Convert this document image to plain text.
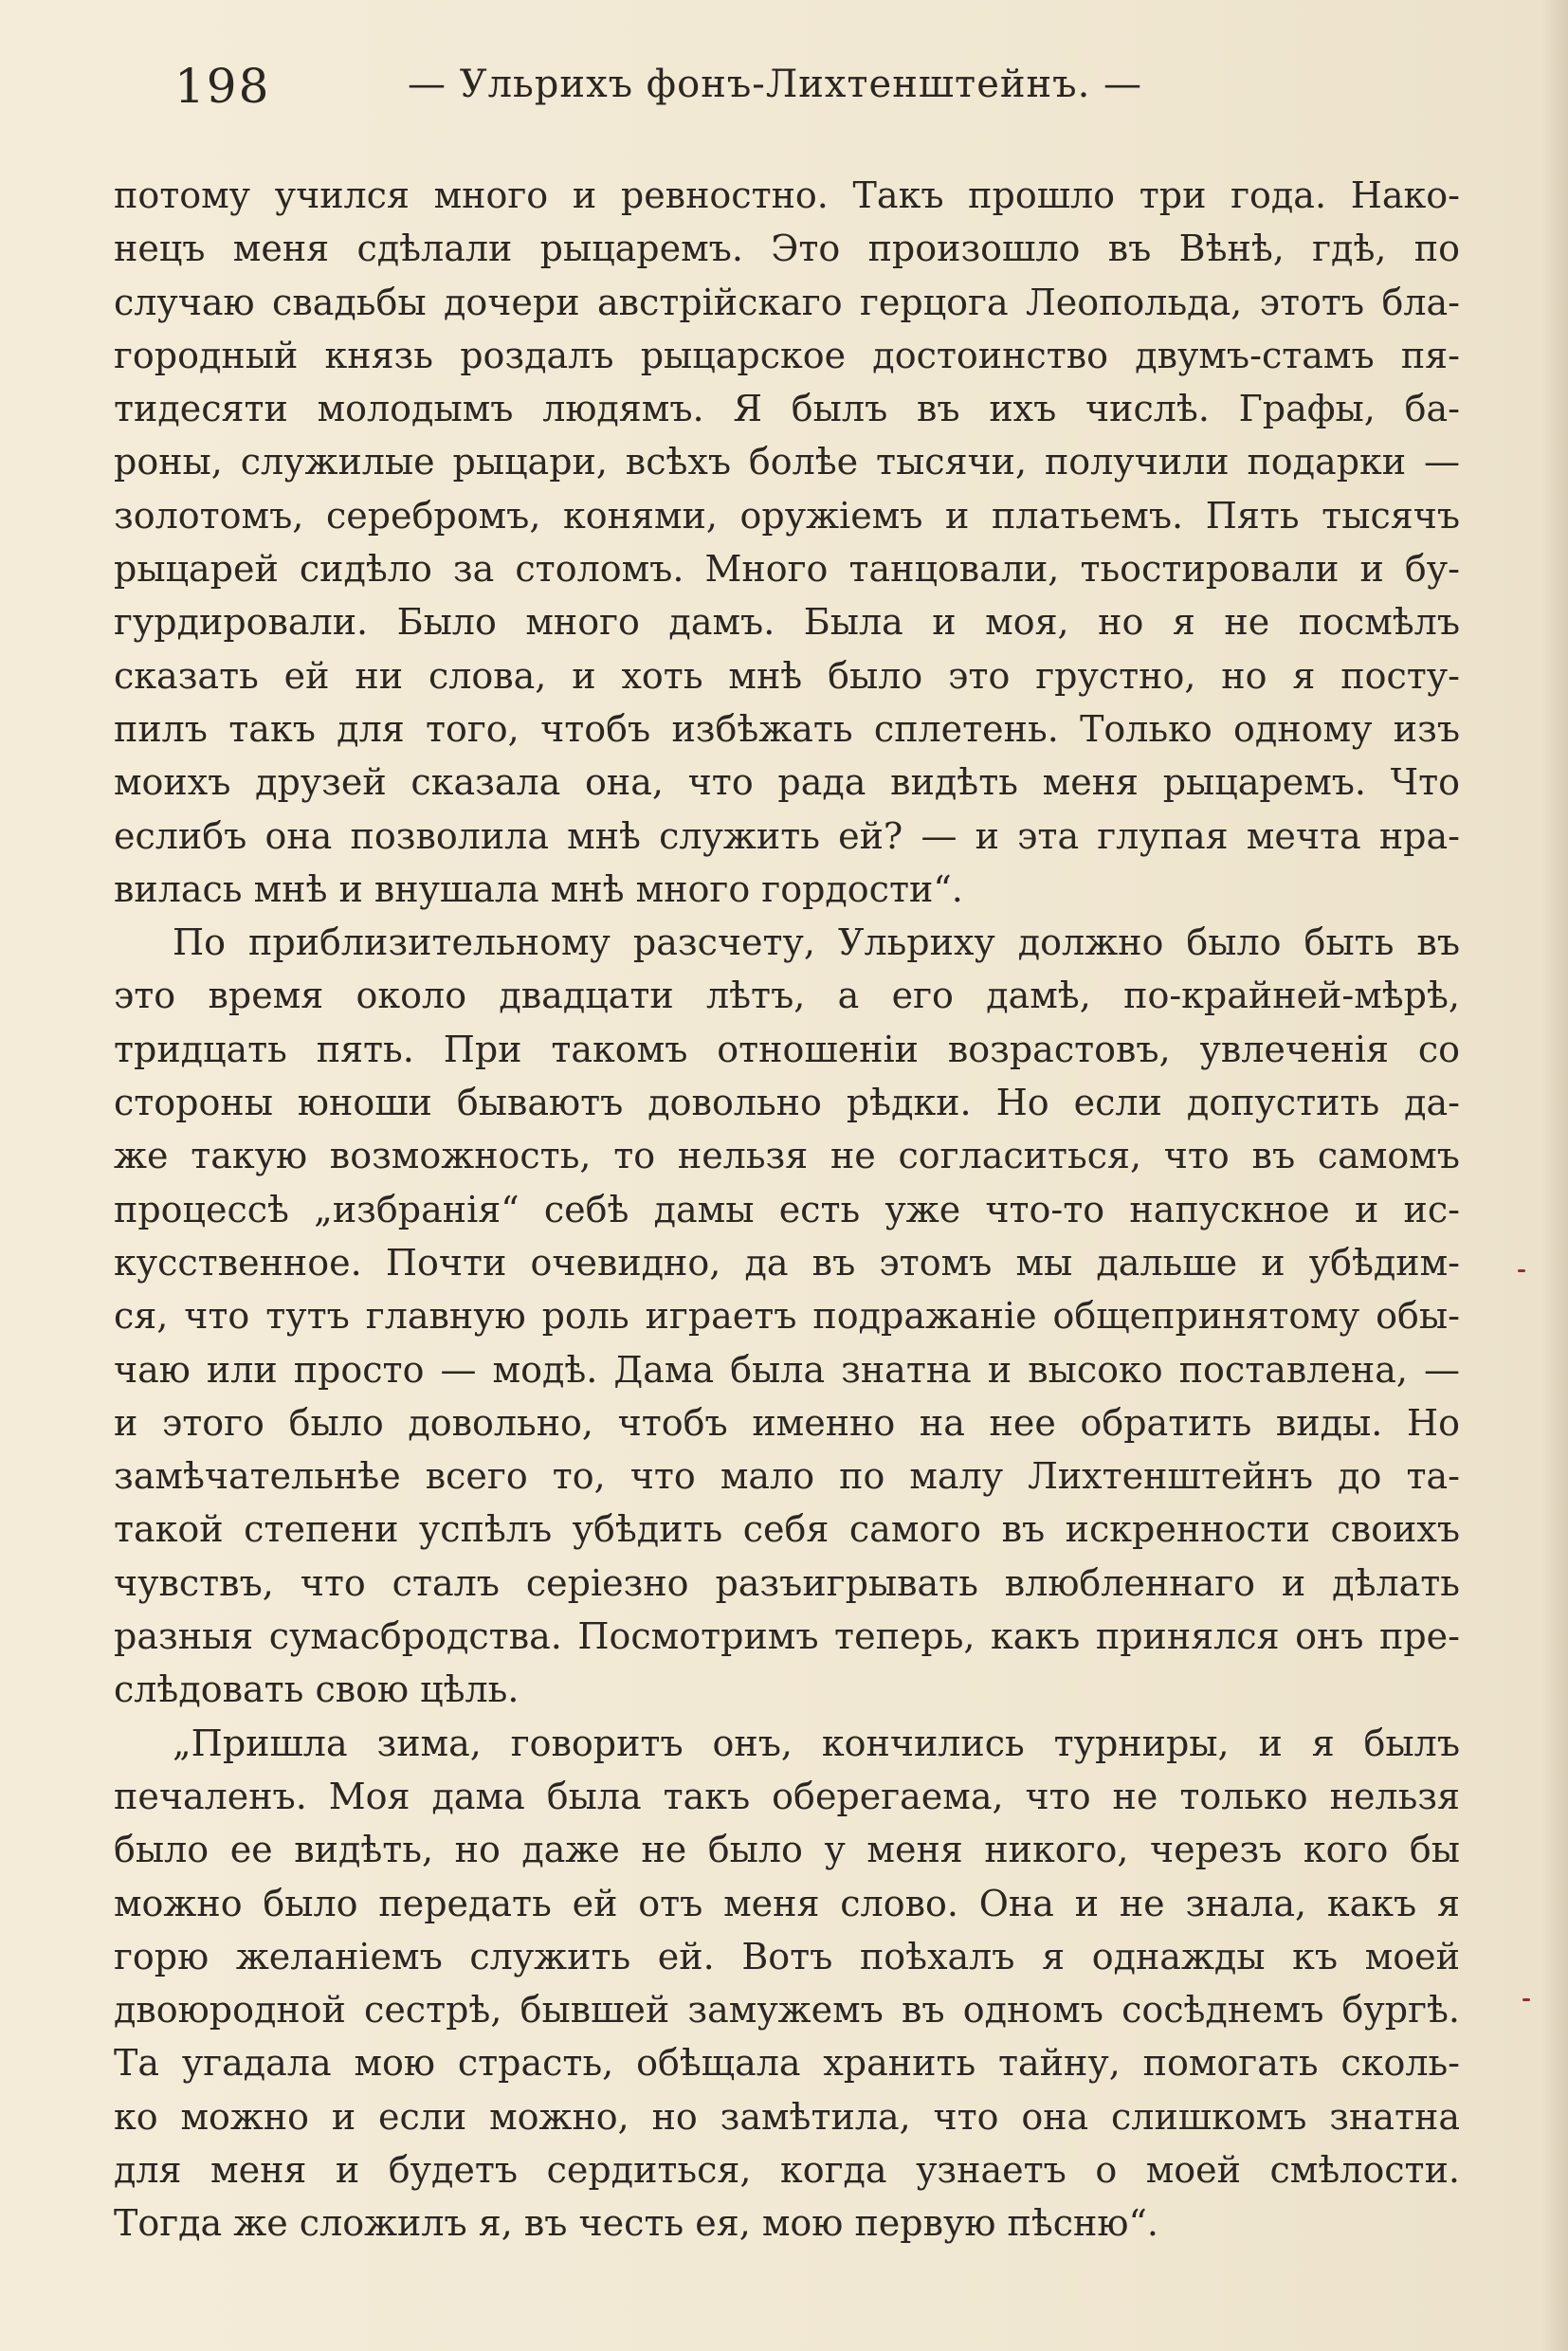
198	— Ульрихъ фонъ-Лихтенштейнъ. —
потому учился много и ревностно. Такъ прошло три года. Нако-
нецъ меня сдѣлали рыцаремъ. Это произошло въ Вѣнѣ, гдѣ, по
случаю свадьбы дочери австрiйскаго герцога Леопольда, этотъ бла-
городный князь роздалъ рыцарское достоинство двумъ-стамъ пя-
тидесяти молодымъ людямъ. Я былъ въ ихъ числѣ. Графы, ба-
роны, служилые рыцари, всѣхъ болѣе тысячи, получили подарки —
золотомъ, серебромъ, конями, оружiемъ и платьемъ. Пять тысячъ
рыцарей сидѣло за столомъ. Много танцовали, тьостировали и бу-
гурдировали. Было много дамъ. Была и моя, но я не посмѣлъ
сказать ей ни слова, и хоть мнѣ было это грустно, но я посту-
пилъ такъ для того, чтобъ избѣжать сплетень. Только одному изъ
моихъ друзей сказала она, что рада видѣть меня рыцаремъ. Что
еслибъ она позволила мнѣ служить ей? — и эта глупая мечта нра-
вилась мнѣ и внушала мнѣ много гордости“.
По приблизительному разсчету, Ульриху должно было быть въ
это время около двадцати лѣтъ, а его дамѣ, по-крайней-мѣрѣ,
тридцать пять. При такомъ отношенiи возрастовъ, увлеченiя со
стороны юноши бываютъ довольно рѣдки. Но если допустить да-
же такую возможность, то нельзя не согласиться, что въ самомъ
процессѣ „избранiя“ себѣ дамы есть уже что-то напускное и ис-
кусственное. Почти очевидно, да въ этомъ мы дальше и убѣдим-
ся, что тутъ главную роль играетъ подражанiе общепринятому обы-
чаю или просто — модѣ. Дама была знатна и высоко поставлена, —
и этого было довольно, чтобъ именно на нее обратить виды. Но
замѣчательнѣе всего то, что мало по малу Лихтенштейнъ до та-
такой степени успѣлъ убѣдить себя самого въ искренности своихъ
чувствъ, что сталъ серiезно разъигрывать влюбленнаго и дѣлать
разныя сумасбродства. Посмотримъ теперь, какъ принялся онъ пре-
слѣдовать свою цѣль.
„Пришла зима, говоритъ онъ, кончились турниры, и я былъ
печаленъ. Моя дама была такъ оберегаема, что не только нельзя
было ее видѣть, но даже не было у меня никого, черезъ кого бы
можно было передать ей отъ меня слово. Она и не знала, какъ я
горю желанiемъ служить ей. Вотъ поѣхалъ я однажды къ моей
двоюродной сестрѣ, бывшей замужемъ въ одномъ сосѣднемъ бургѣ.
Та угадала мою страсть, обѣщала хранить тайну, помогать сколь-
ко можно и если можно, но замѣтила, что она слишкомъ знатна
для меня и будетъ сердиться, когда узнаетъ о моей смѣлости.
Тогда же сложилъ я, въ честь ея, мою первую пѣсню“.
